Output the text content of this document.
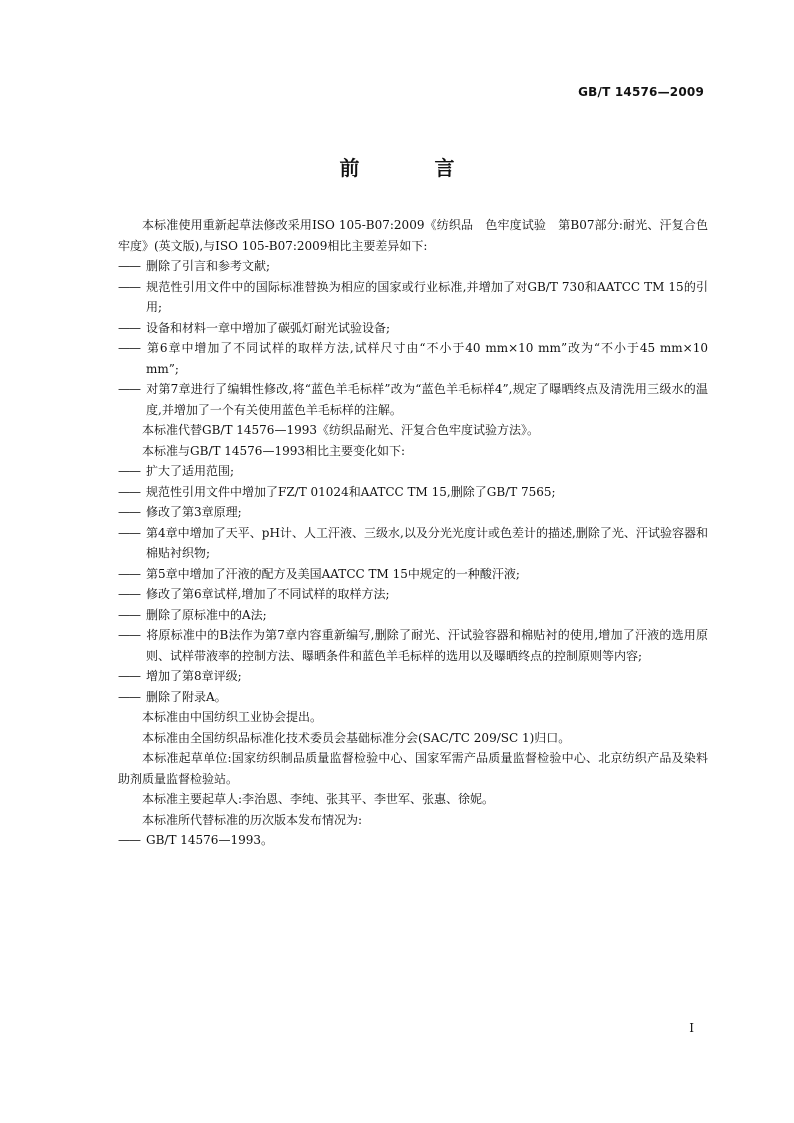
GB/T 14576—2009
前 言

本标准使用重新起草法修改采用ISO 105-B07:2009《纺织品　色牢度试验　第B07部分:耐光、汗复合色牢度》(英文版),与ISO 105-B07:2009相比主要差异如下:

—— 删除了引言和参考文献;

—— 规范性引用文件中的国际标准替换为相应的国家或行业标准,并增加了对GB/T 730和AATCC TM 15的引用;

—— 设备和材料一章中增加了碳弧灯耐光试验设备;

—— 第6章中增加了不同试样的取样方法,试样尺寸由“不小于40 mm×10 mm”改为“不小于45 mm×10 mm”;

—— 对第7章进行了编辑性修改,将“蓝色羊毛标样”改为“蓝色羊毛标样4”,规定了曝晒终点及清洗用三级水的温度,并增加了一个有关使用蓝色羊毛标样的注解。

本标准代替GB/T 14576—1993《纺织品耐光、汗复合色牢度试验方法》。

本标准与GB/T 14576—1993相比主要变化如下:

—— 扩大了适用范围;

—— 规范性引用文件中增加了FZ/T 01024和AATCC TM 15,删除了GB/T 7565;

—— 修改了第3章原理;

—— 第4章中增加了天平、pH计、人工汗液、三级水,以及分光光度计或色差计的描述,删除了光、汗试验容器和棉贴衬织物;

—— 第5章中增加了汗液的配方及美国AATCC TM 15中规定的一种酸汗液;

—— 修改了第6章试样,增加了不同试样的取样方法;

—— 删除了原标准中的A法;

—— 将原标准中的B法作为第7章内容重新编写,删除了耐光、汗试验容器和棉贴衬的使用,增加了汗液的选用原则、试样带液率的控制方法、曝晒条件和蓝色羊毛标样的选用以及曝晒终点的控制原则等内容;

—— 增加了第8章评级;

—— 删除了附录A。

本标准由中国纺织工业协会提出。

本标准由全国纺织品标准化技术委员会基础标准分会(SAC/TC 209/SC 1)归口。

本标准起草单位:国家纺织制品质量监督检验中心、国家军需产品质量监督检验中心、北京纺织产品及染料助剂质量监督检验站。

本标准主要起草人:李治恩、李纯、张其平、李世军、张惠、徐妮。

本标准所代替标准的历次版本发布情况为:

—— GB/T 14576—1993。

I
